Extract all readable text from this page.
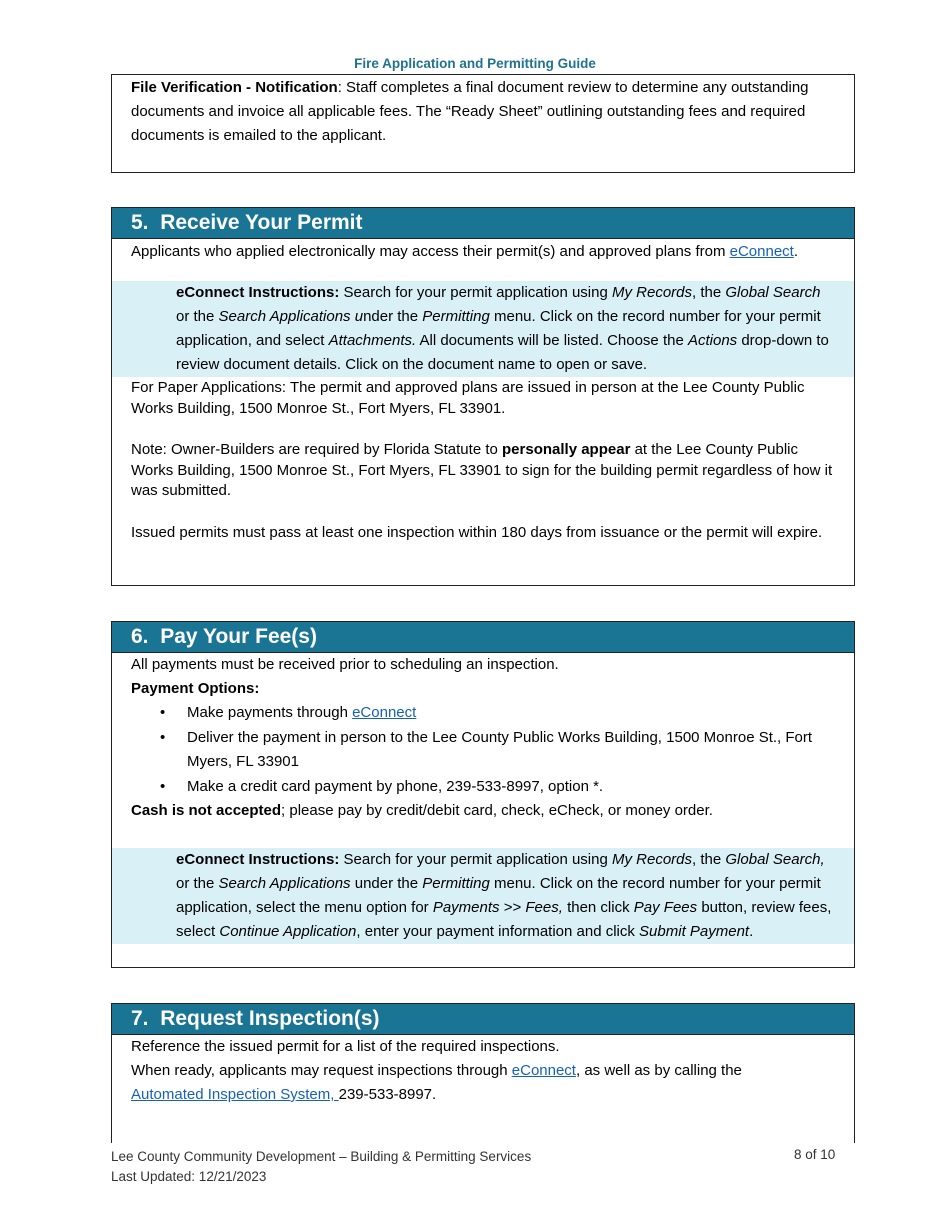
Fire Application and Permitting Guide

File Verification - Notification: Staff completes a final document review to determine any outstanding documents and invoice all applicable fees. The “Ready Sheet” outlining outstanding fees and required documents is emailed to the applicant.

5. Receive Your Permit

Applicants who applied electronically may access their permit(s) and approved plans from eConnect.

eConnect Instructions: Search for your permit application using My Records, the Global Search or the Search Applications under the Permitting menu. Click on the record number for your permit application, and select Attachments. All documents will be listed. Choose the Actions drop-down to review document details. Click on the document name to open or save.

For Paper Applications: The permit and approved plans are issued in person at the Lee County Public Works Building, 1500 Monroe St., Fort Myers, FL 33901.

Note: Owner-Builders are required by Florida Statute to personally appear at the Lee County Public Works Building, 1500 Monroe St., Fort Myers, FL 33901 to sign for the building permit regardless of how it was submitted.

Issued permits must pass at least one inspection within 180 days from issuance or the permit will expire.

6. Pay Your Fee(s)

All payments must be received prior to scheduling an inspection.

Payment Options:

• Make payments through eConnect
• Deliver the payment in person to the Lee County Public Works Building, 1500 Monroe St., Fort Myers, FL 33901
• Make a credit card payment by phone, 239-533-8997, option *.

Cash is not accepted; please pay by credit/debit card, check, eCheck, or money order.

eConnect Instructions: Search for your permit application using My Records, the Global Search, or the Search Applications under the Permitting menu. Click on the record number for your permit application, select the menu option for Payments >> Fees, then click Pay Fees button, review fees, select Continue Application, enter your payment information and click Submit Payment.
7. Request Inspection(s)

Reference the issued permit for a list of the required inspections.

When ready, applicants may request inspections through eConnect, as well as by calling the
Automated Inspection System, 239-533-8997.

Lee County Community Development – Building & Permitting Services
Last Updated: 12/21/2023
8 of 10
